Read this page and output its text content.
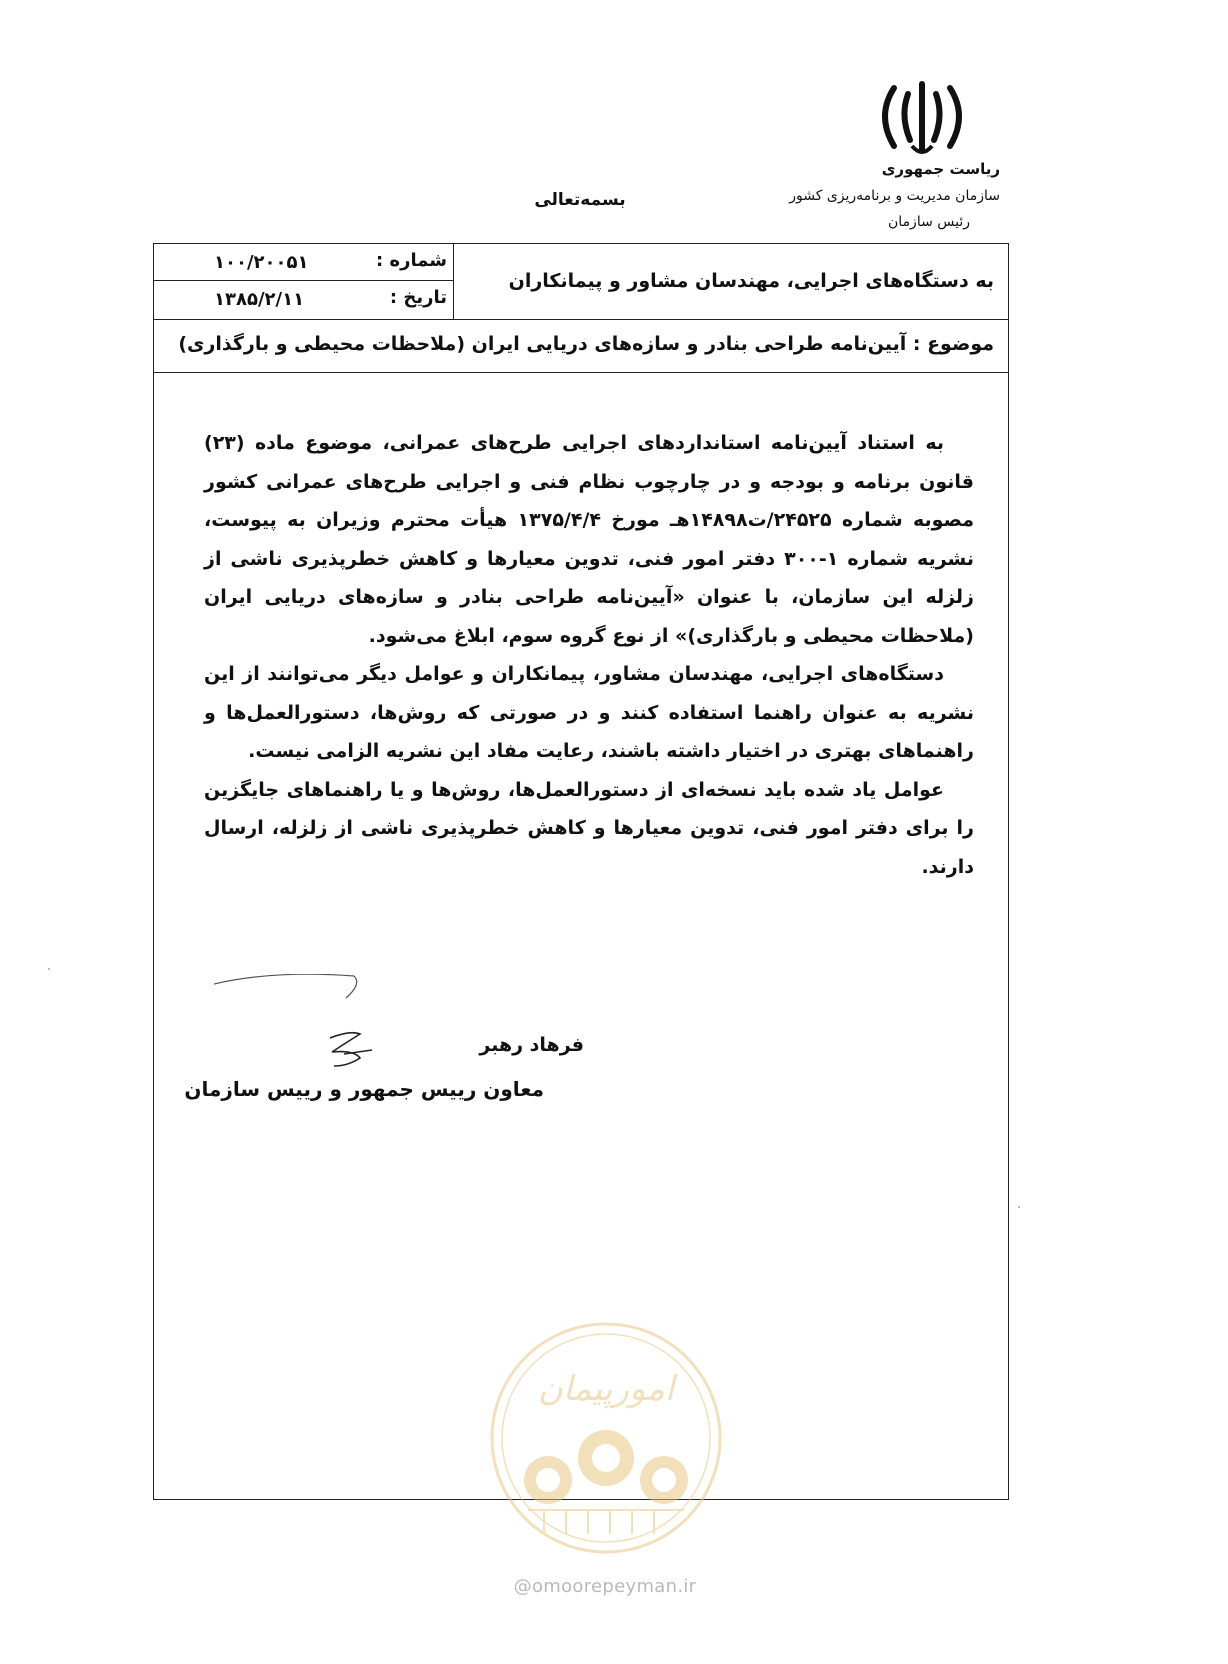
ریاست جمهوری
سازمان مدیریت و برنامه‌ریزی کشور
رئیس سازمان
بسمه‌تعالی
شماره :
۱۰۰/۲۰۰۵۱
تاریخ :
۱۳۸۵/۲/۱۱
به دستگاه‌های اجرایی، مهندسان مشاور و پیمانکاران
موضوع : آیین‌نامه طراحی بنادر و سازه‌های دریایی ایران (ملاحظات محیطی و بارگذاری)

به استناد آیین‌نامه استانداردهای اجرایی طرح‌های عمرانی، موضوع ماده (۲۳) قانون برنامه و بودجه و در چارچوب نظام فنی و اجرایی طرح‌های عمرانی کشور مصوبه شماره ۲۴۵۲۵/ت۱۴۸۹۸هـ مورخ ۱۳۷۵/۴/۴ هیأت محترم وزیران به پیوست، نشریه شماره ۱-۳۰۰ دفتر امور فنی، تدوین معیارها و کاهش خطرپذیری ناشی از زلزله این سازمان، با عنوان «آیین‌نامه طراحی بنادر و سازه‌های دریایی ایران (ملاحظات محیطی و بارگذاری)» از نوع گروه سوم، ابلاغ می‌شود.

دستگاه‌های اجرایی، مهندسان مشاور، پیمانکاران و عوامل دیگر می‌توانند از این نشریه به عنوان راهنما استفاده کنند و در صورتی که روش‌ها، دستورالعمل‌ها و راهنماهای بهتری در اختیار داشته باشند، رعایت مفاد این نشریه الزامی نیست.

عوامل یاد شده باید نسخه‌ای از دستورالعمل‌ها، روش‌ها و یا راهنماهای جایگزین را برای دفتر امور فنی، تدوین معیارها و کاهش خطرپذیری ناشی از زلزله، ارسال دارند.

فرهاد رهبر
معاون رییس جمهور و رییس سازمان
امورپیمان
@omoorepeyman.ir
